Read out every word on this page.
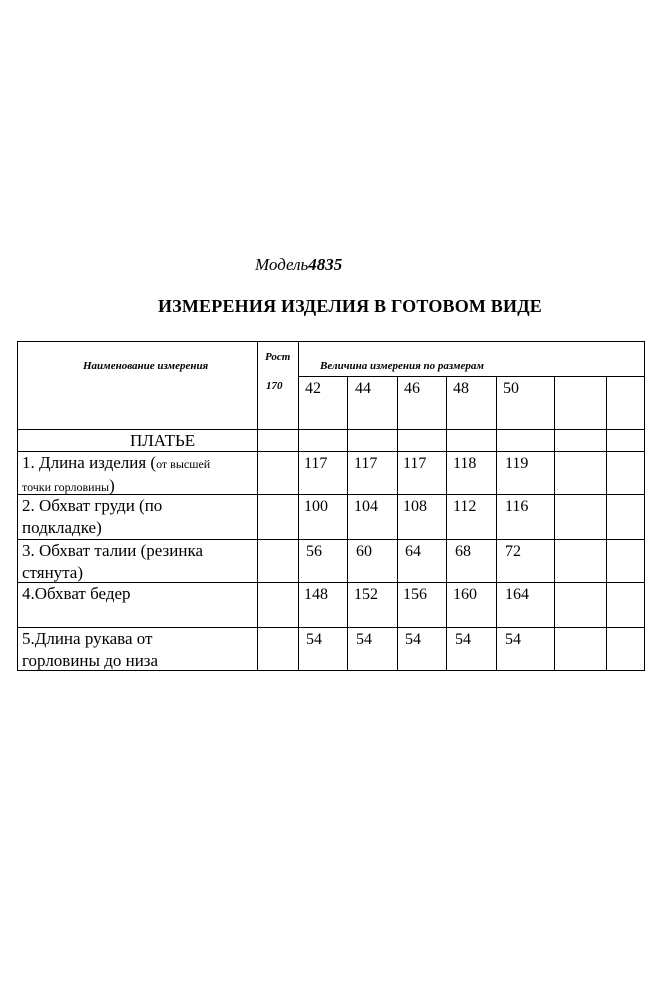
Модель4835
ИЗМЕРЕНИЯ ИЗДЕЛИЯ В ГОТОВОМ ВИДЕ
Наименование измерения
Рост
170
Величина измерения по размерам
42 44 46 48 50
ПЛАТЬЕ
1. Длина изделия (от высшей
точки горловины)
117 117 117 118 119
2. Обхват груди (по
подкладке)
100 104 108 112 116
3. Обхват талии (резинка
стянута)
56 60 64 68 72
4.Обхват бедер	148 152 156 160 164
5.Длина рукава от
горловины до низа
54 54 54 54 54
